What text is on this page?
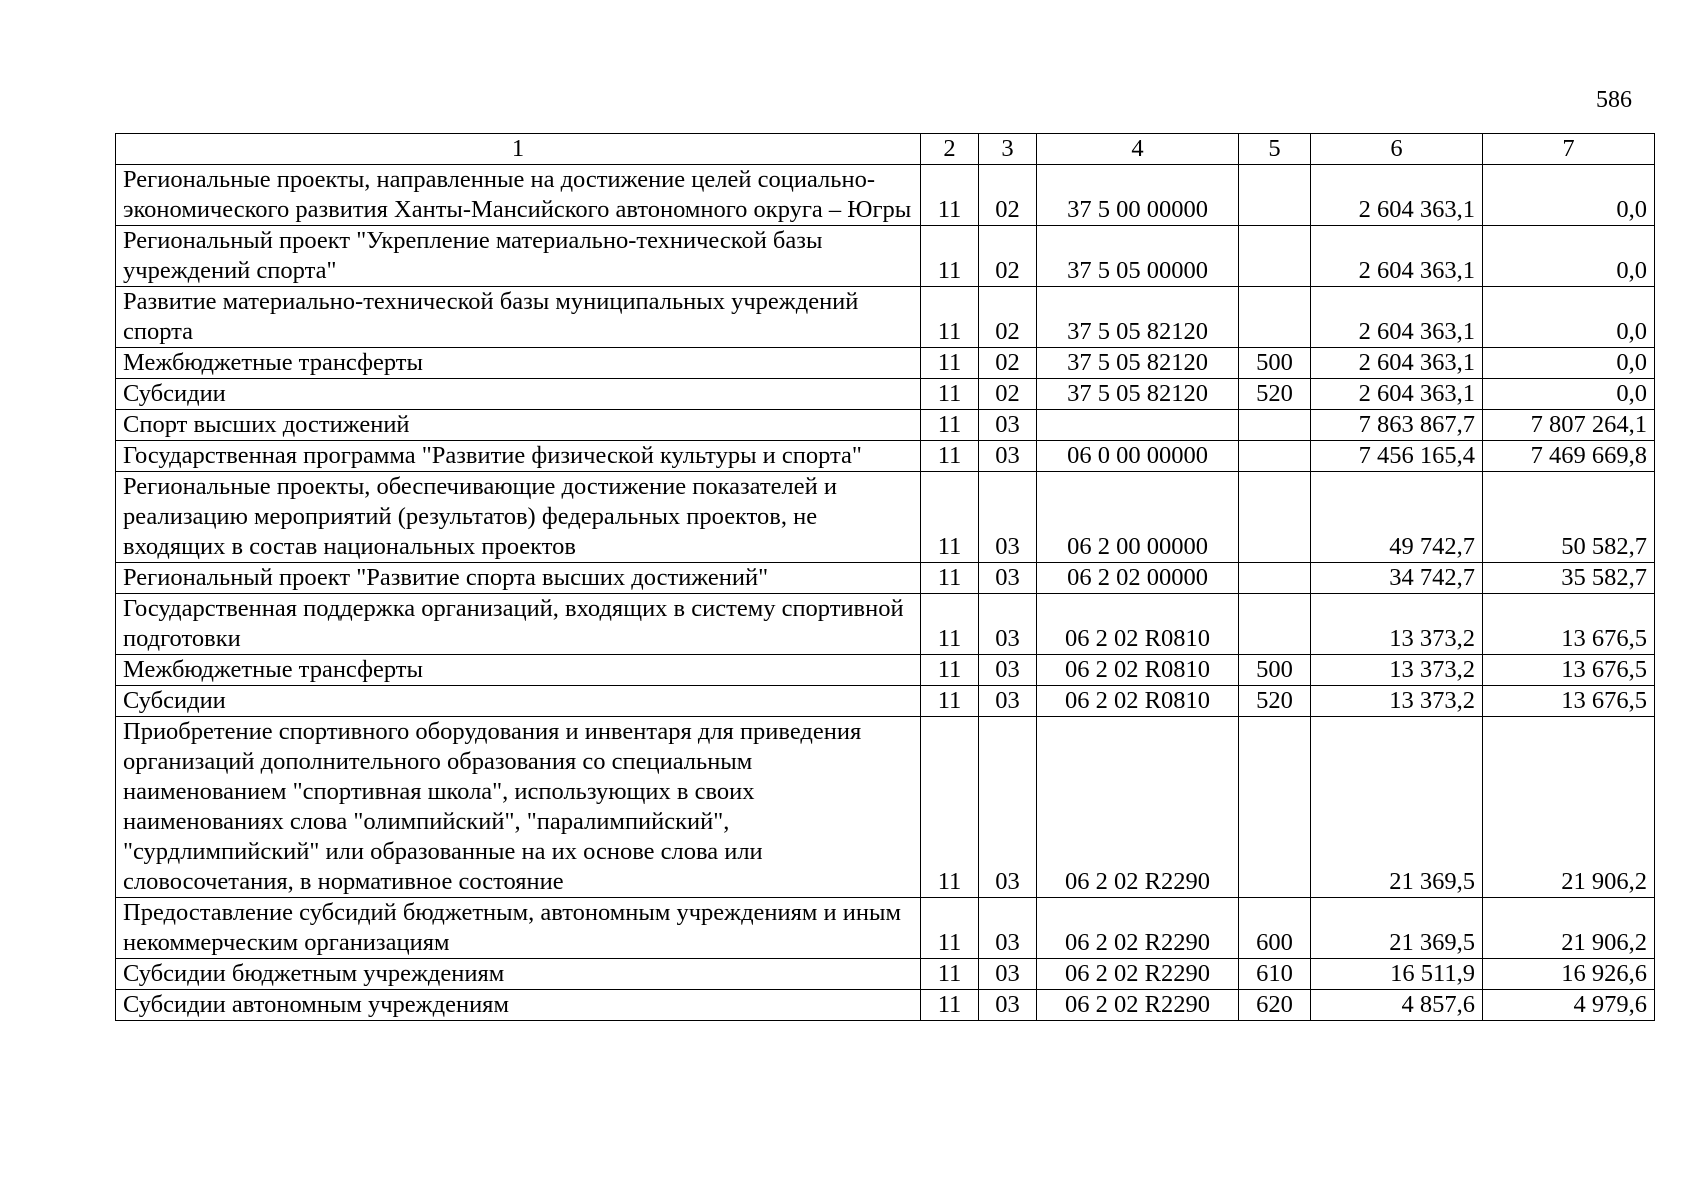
586
1	2	3	4	5	6	7
Региональные проекты, направленные на достижение целей социально-экономического развития Ханты-Мансийского автономного округа – Югры	11	02	37 5 00 00000		2 604 363,1	0,0
Региональный проект "Укрепление материально-технической базы учреждений спорта"	11	02	37 5 05 00000		2 604 363,1	0,0
Развитие материально-технической базы муниципальных учреждений спорта	11	02	37 5 05 82120		2 604 363,1	0,0
Межбюджетные трансферты	11	02	37 5 05 82120	500	2 604 363,1	0,0
Субсидии	11	02	37 5 05 82120	520	2 604 363,1	0,0
Спорт высших достижений	11	03			7 863 867,7	7 807 264,1
Государственная программа "Развитие физической культуры и спорта"	11	03	06 0 00 00000		7 456 165,4	7 469 669,8
Региональные проекты, обеспечивающие достижение показателей и реализацию мероприятий (результатов) федеральных проектов, не входящих в состав национальных проектов	11	03	06 2 00 00000		49 742,7	50 582,7
Региональный проект "Развитие спорта высших достижений"	11	03	06 2 02 00000		34 742,7	35 582,7
Государственная поддержка организаций, входящих в систему спортивной подготовки	11	03	06 2 02 R0810		13 373,2	13 676,5
Межбюджетные трансферты	11	03	06 2 02 R0810	500	13 373,2	13 676,5
Субсидии	11	03	06 2 02 R0810	520	13 373,2	13 676,5
Приобретение спортивного оборудования и инвентаря для приведения организаций дополнительного образования со специальным наименованием "спортивная школа", использующих в своих наименованиях слова "олимпийский", "паралимпийский", "сурдлимпийский" или образованные на их основе слова или словосочетания, в нормативное состояние	11	03	06 2 02 R2290		21 369,5	21 906,2
Предоставление субсидий бюджетным, автономным учреждениям и иным некоммерческим организациям	11	03	06 2 02 R2290	600	21 369,5	21 906,2
Субсидии бюджетным учреждениям	11	03	06 2 02 R2290	610	16 511,9	16 926,6
Субсидии автономным учреждениям	11	03	06 2 02 R2290	620	4 857,6	4 979,6
